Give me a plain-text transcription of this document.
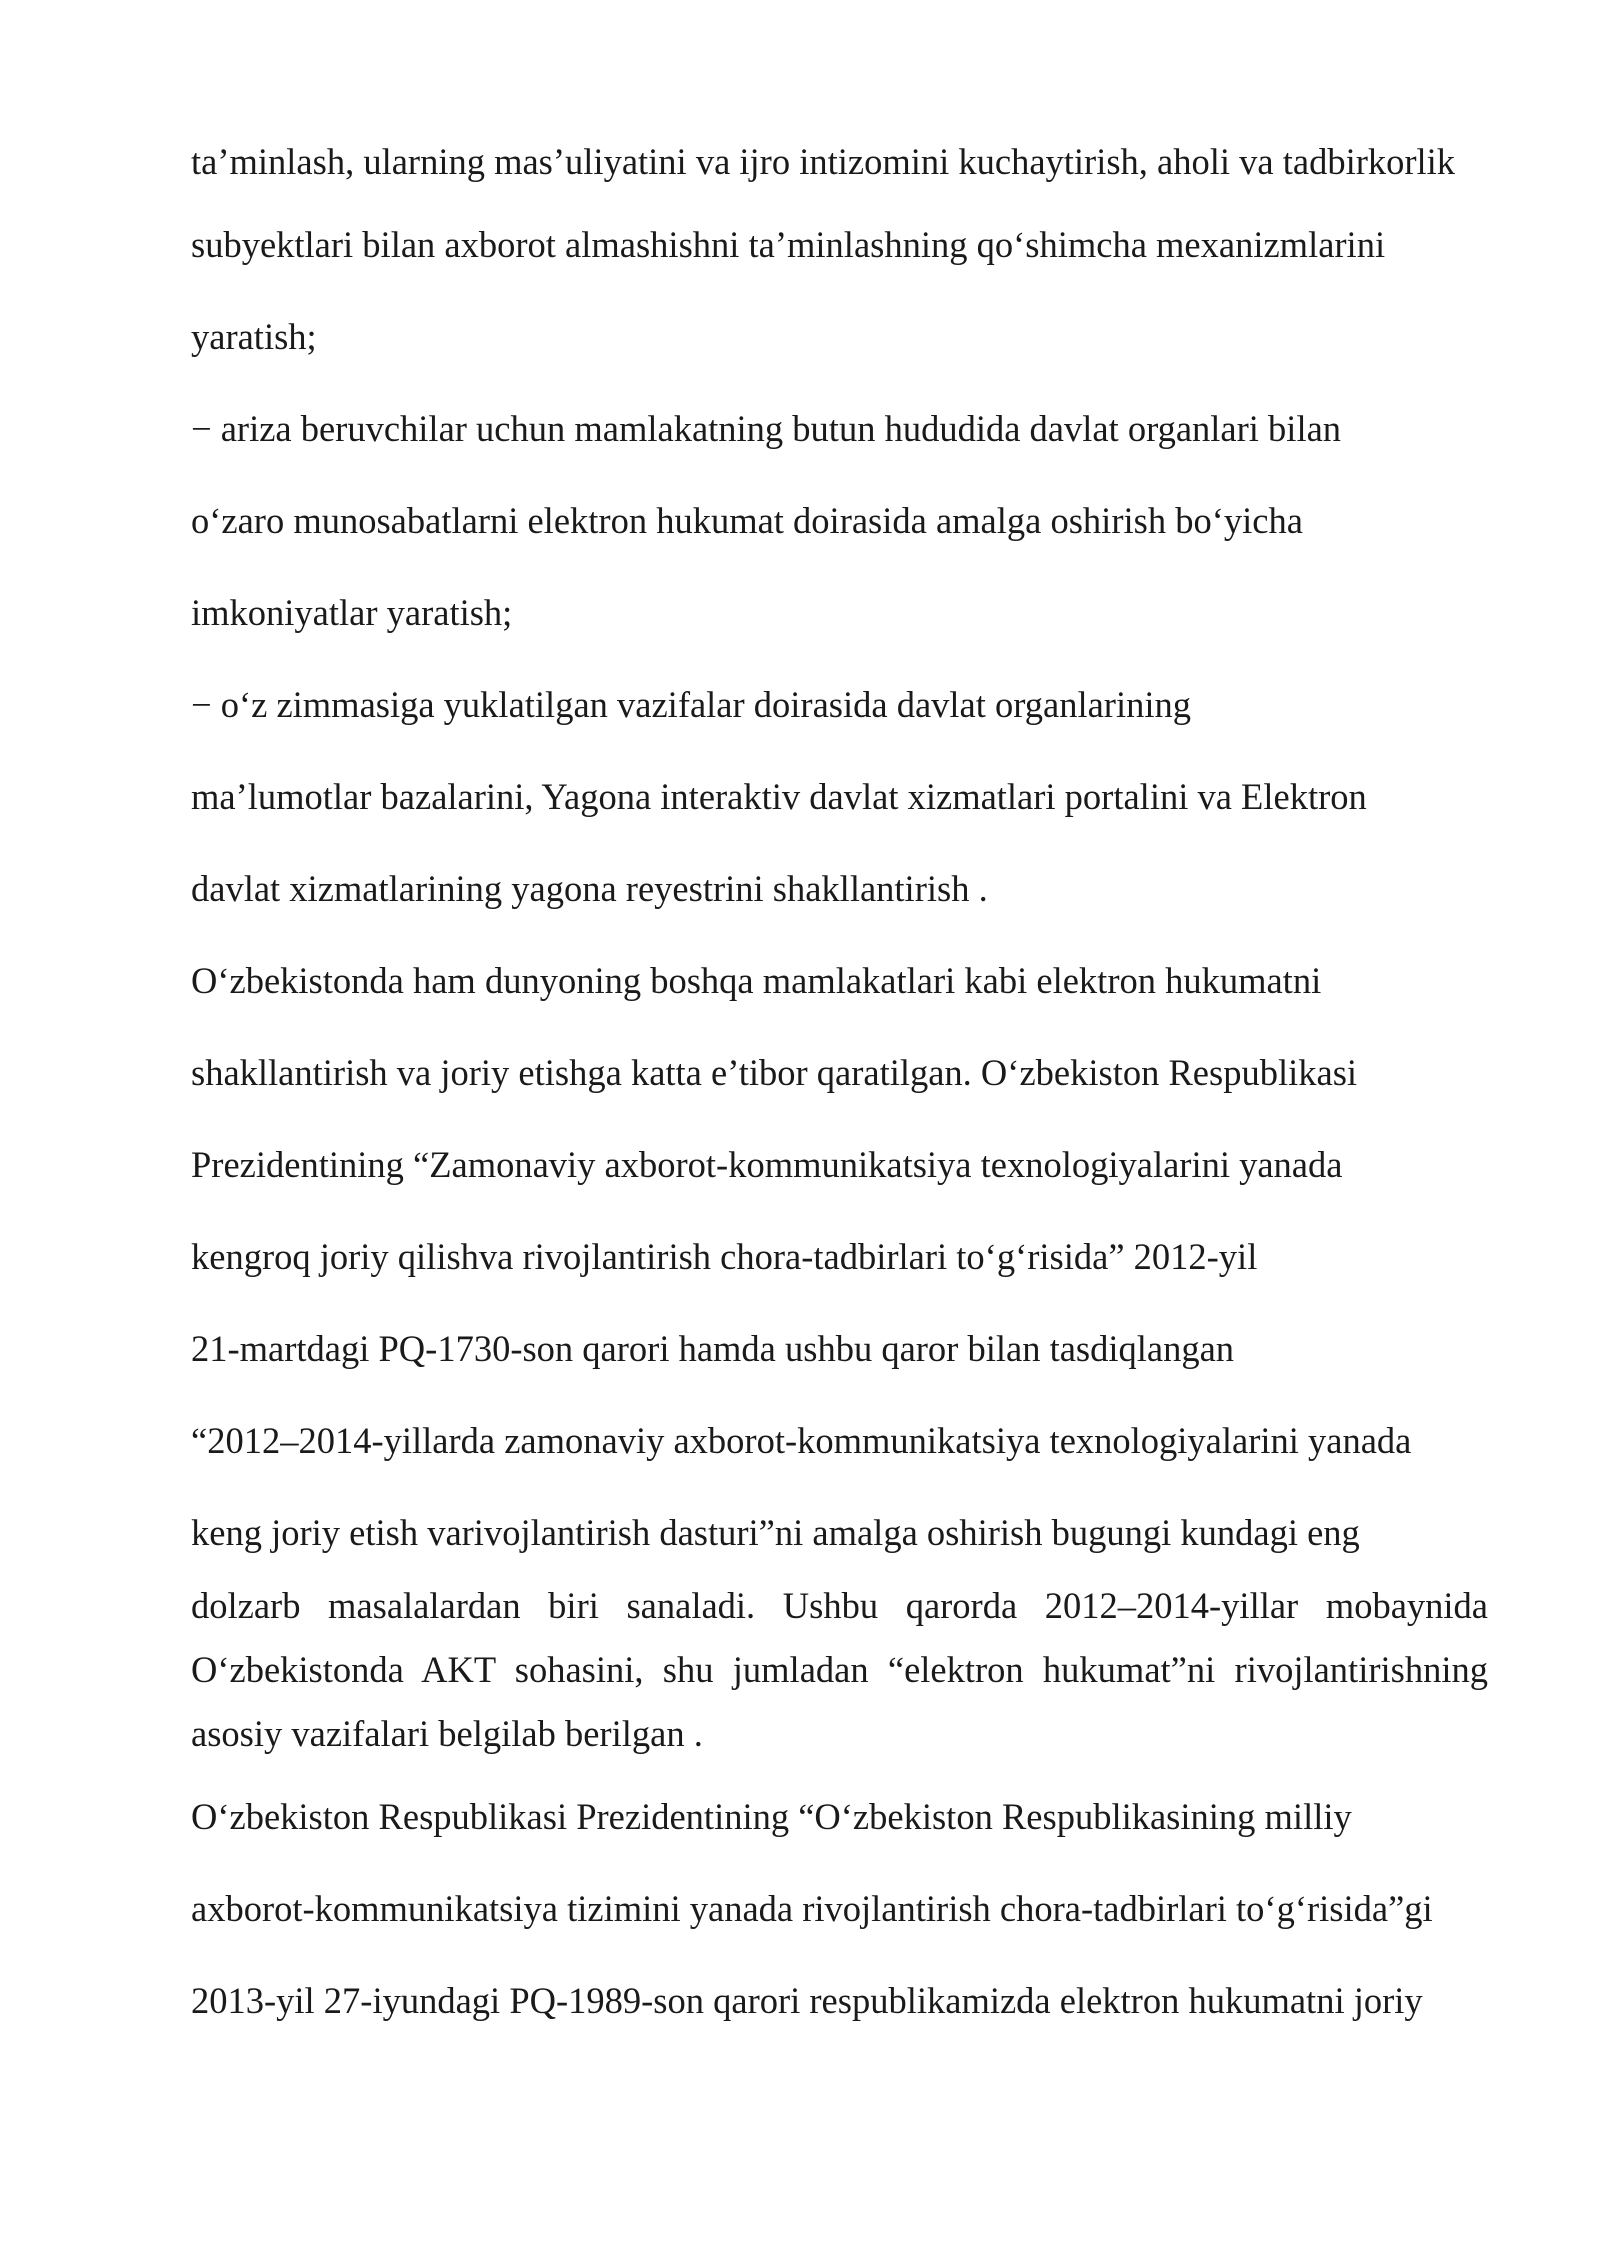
ta’minlash, ularning mas’uliyatini va ijro intizomini kuchaytirish, aholi va tadbirkorlik

subyektlari bilan axborot almashishni ta’minlashning qo‘shimcha mexanizmlarini

yaratish;

− ariza beruvchilar uchun mamlakatning butun hududida davlat organlari bilan

o‘zaro munosabatlarni elektron hukumat doirasida amalga oshirish bo‘yicha

imkoniyatlar yaratish;

− o‘z zimmasiga yuklatilgan vazifalar doirasida davlat organlarining

ma’lumotlar bazalarini, Yagona interaktiv davlat xizmatlari portalini va Elektron

davlat xizmatlarining yagona reyestrini shakllantirish .

O‘zbekistonda ham dunyoning boshqa mamlakatlari kabi elektron hukumatni

shakllantirish va joriy etishga katta e’tibor qaratilgan. O‘zbekiston Respublikasi

Prezidentining “Zamonaviy axborot-kommunikatsiya texnologiyalarini yanada

kengroq joriy qilishva rivojlantirish chora-tadbirlari to‘g‘risida” 2012-yil

21-martdagi PQ-1730-son qarori hamda ushbu qaror bilan tasdiqlangan

“2012–2014-yillarda zamonaviy axborot-kommunikatsiya texnologiyalarini yanada

keng joriy etish varivojlantirish dasturi”ni amalga oshirish bugungi kundagi eng

dolzarb masalalardan biri sanaladi. Ushbu qarorda 2012–2014-yillar mobaynida O‘zbekistonda AKT sohasini, shu jumladan “elektron hukumat”ni rivojlantirishning asosiy vazifalari belgilab berilgan .

O‘zbekiston Respublikasi Prezidentining “O‘zbekiston Respublikasining milliy

axborot-kommunikatsiya tizimini yanada rivojlantirish chora-tadbirlari to‘g‘risida”gi

2013-yil 27-iyundagi PQ-1989-son qarori respublikamizda elektron hukumatni joriy
